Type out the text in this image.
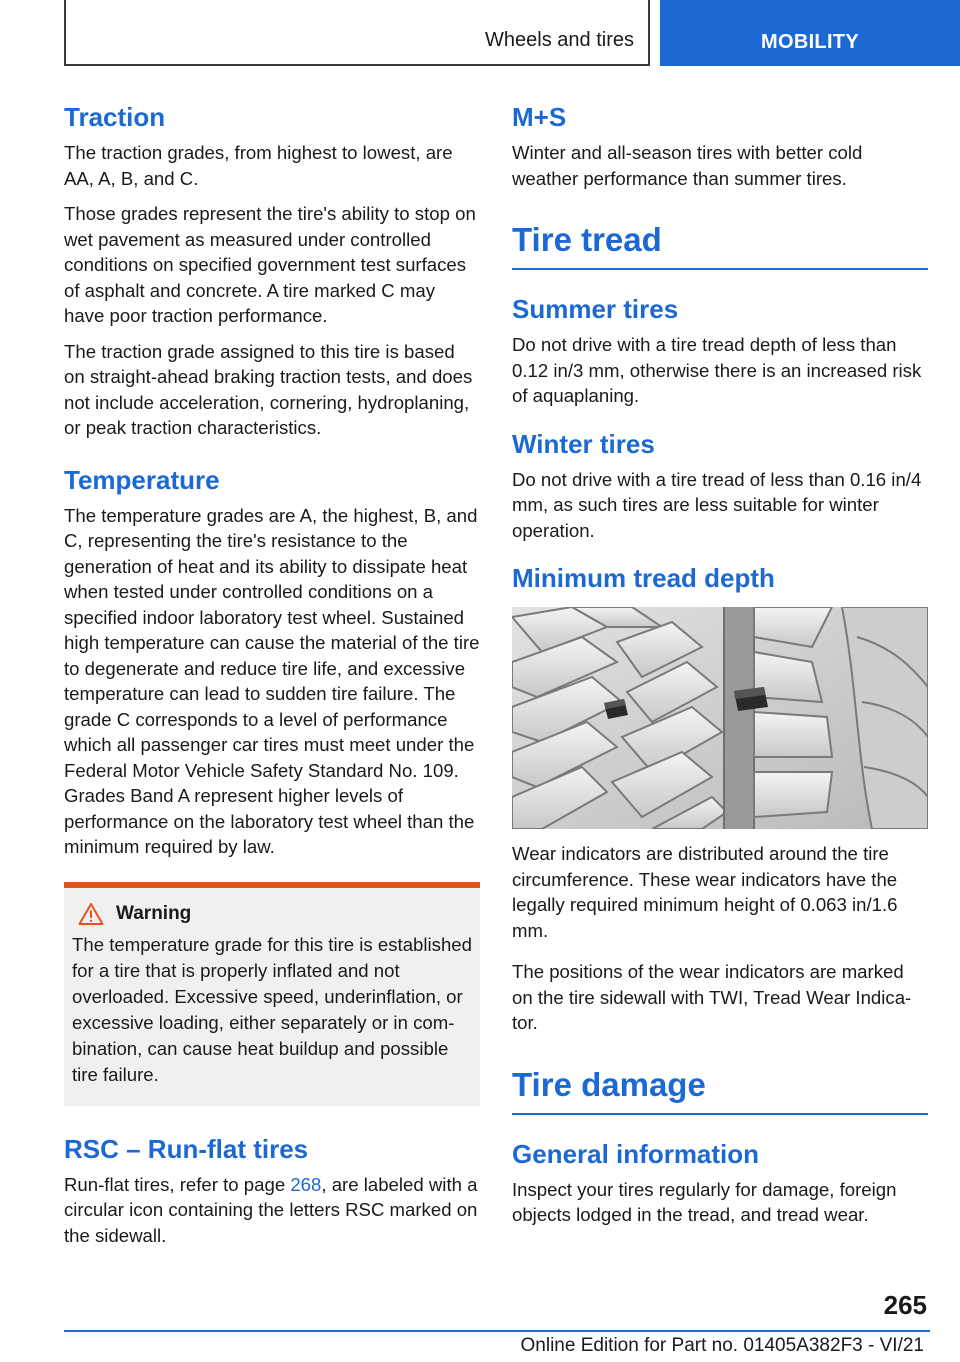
Wheels and tires	MOBILITY
Traction

The traction grades, from highest to lowest, are AA, A, B, and C.

Those grades represent the tire's ability to stop on wet pavement as measured under controlled conditions on specified government test surfaces of asphalt and concrete. A tire marked C may have poor traction performance.

The traction grade assigned to this tire is based on straight-ahead braking traction tests, and does not include acceleration, cornering, hydroplaning, or peak traction characteristics.

Temperature

The temperature grades are A, the highest, B, and C, representing the tire's resistance to the generation of heat and its ability to dissipate heat when tested under controlled conditions on a specified indoor laboratory test wheel. Sustained high temperature can cause the material of the tire to degenerate and reduce tire life, and excessive temperature can lead to sudden tire failure. The grade C corresponds to a level of performance which all passenger car tires must meet under the Federal Motor Vehicle Safety Standard No. 109. Grades Band A represent higher levels of performance on the laboratory test wheel than the minimum required by law.

Warning

The temperature grade for this tire is established for a tire that is properly inflated and not overloaded. Excessive speed, underinflation, or excessive loading, either separately or in combination, can cause heat buildup and possible tire failure.

RSC – Run‑flat tires

Run-flat tires, refer to page 268, are labeled with a circular icon containing the letters RSC marked on the sidewall.

M+S

Winter and all-season tires with better cold weather performance than summer tires.

Tire tread
Summer tires

Do not drive with a tire tread depth of less than 0.12 in/3 mm, otherwise there is an increased risk of aquaplaning.

Winter tires

Do not drive with a tire tread of less than 0.16 in/4 mm, as such tires are less suitable for winter operation.

Minimum tread depth

Wear indicators are distributed around the tire circumference. These wear indicators have the legally required minimum height of 0.063 in/1.6 mm.

The positions of the wear indicators are marked on the tire sidewall with TWI, Tread Wear Indicator.

Tire damage
General information

Inspect your tires regularly for damage, foreign objects lodged in the tread, and tread wear.

265
Online Edition for Part no. 01405A382F3 - VI/21
